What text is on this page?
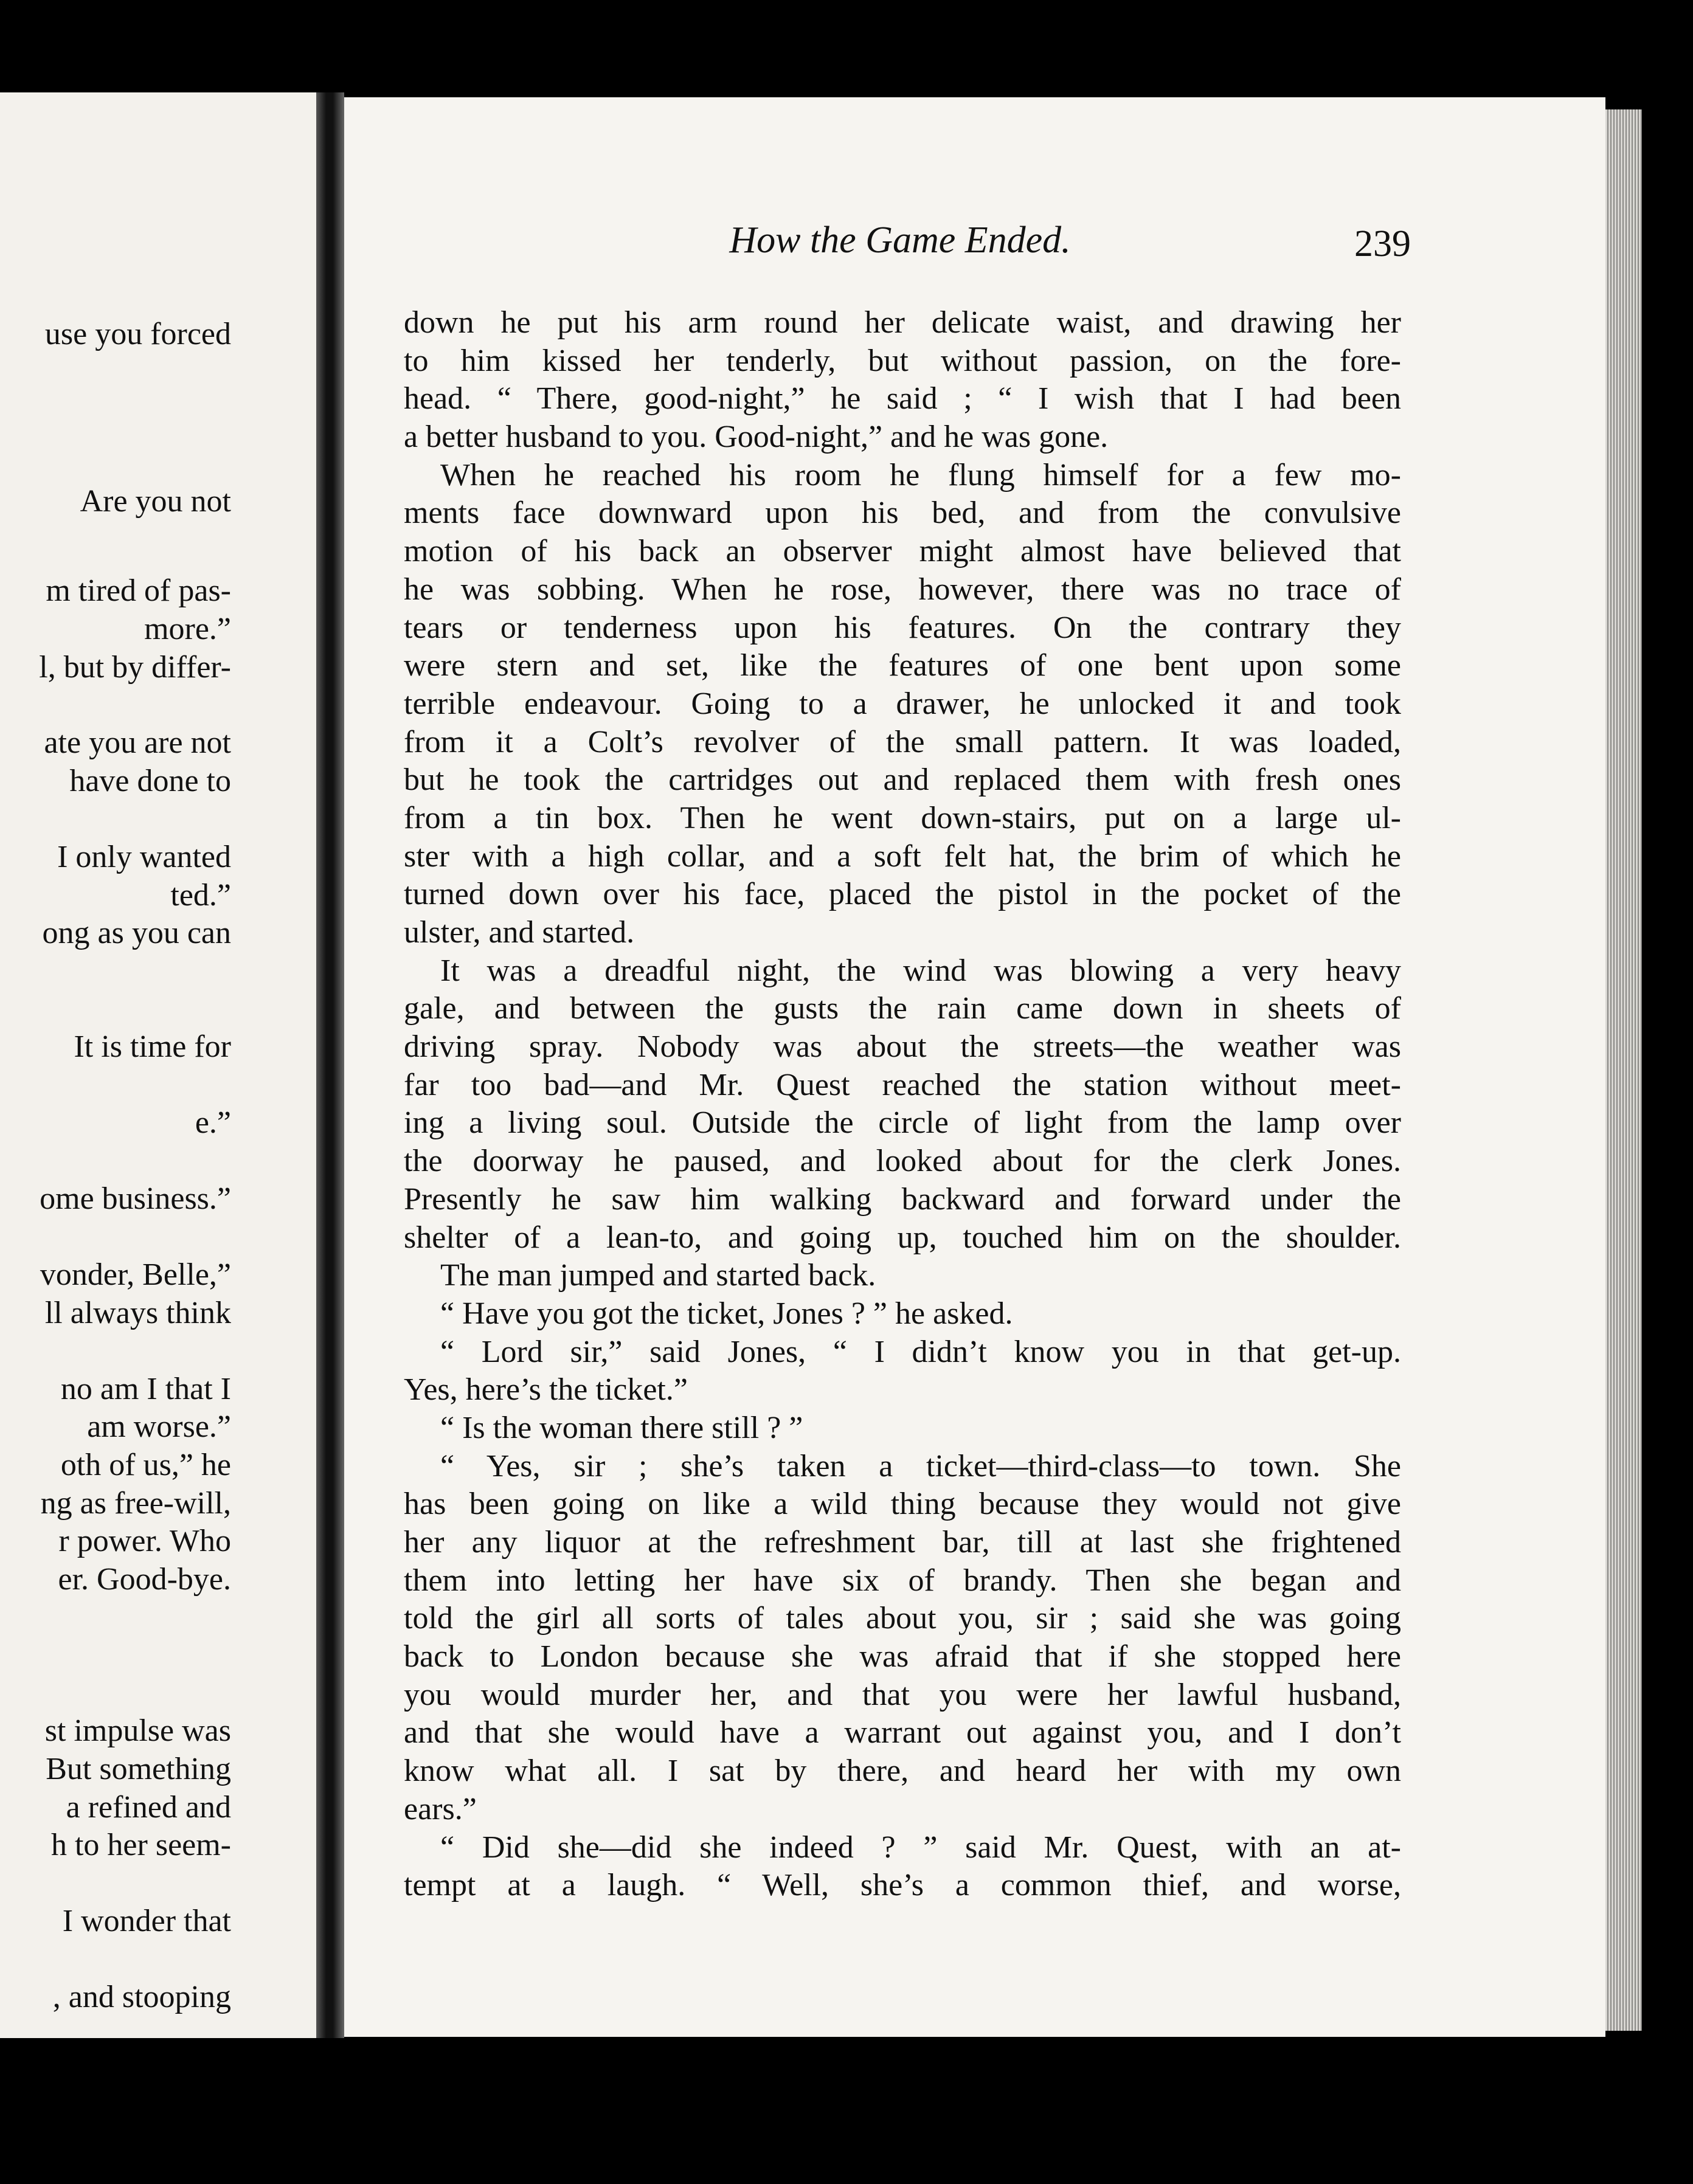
use you forced
Are you not
m tired of pas-
more.”
l, but by differ-
ate you are not
have done to
I only wanted
ted.”
ong as you can
It is time for
e.”
ome business.”
vonder, Belle,”
ll always think
no am I that I
am worse.”
oth of us,” he
ng as free-will,
r power. Who
er. Good-bye.
st impulse was
But something
a refined and
h to her seem-
I wonder that
, and stooping
How the Game Ended.	239
down he put his arm round her delicate waist, and drawing her
to him kissed her tenderly, but without passion, on the fore-
head. “ There, good-night,” he said ; “ I wish that I had been
a better husband to you. Good-night,” and he was gone.
When he reached his room he flung himself for a few mo-
ments face downward upon his bed, and from the convulsive
motion of his back an observer might almost have believed that
he was sobbing. When he rose, however, there was no trace of
tears or tenderness upon his features. On the contrary they
were stern and set, like the features of one bent upon some
terrible endeavour. Going to a drawer, he unlocked it and took
from it a Colt’s revolver of the small pattern. It was loaded,
but he took the cartridges out and replaced them with fresh ones
from a tin box. Then he went down-stairs, put on a large ul-
ster with a high collar, and a soft felt hat, the brim of which he
turned down over his face, placed the pistol in the pocket of the
ulster, and started.
It was a dreadful night, the wind was blowing a very heavy
gale, and between the gusts the rain came down in sheets of
driving spray. Nobody was about the streets—the weather was
far too bad—and Mr. Quest reached the station without meet-
ing a living soul. Outside the circle of light from the lamp over
the doorway he paused, and looked about for the clerk Jones.
Presently he saw him walking backward and forward under the
shelter of a lean-to, and going up, touched him on the shoulder.
The man jumped and started back.
“ Have you got the ticket, Jones ? ” he asked.
“ Lord sir,” said Jones, “ I didn’t know you in that get-up.
Yes, here’s the ticket.”
“ Is the woman there still ? ”
“ Yes, sir ; she’s taken a ticket—third-class—to town. She
has been going on like a wild thing because they would not give
her any liquor at the refreshment bar, till at last she frightened
them into letting her have six of brandy. Then she began and
told the girl all sorts of tales about you, sir ; said she was going
back to London because she was afraid that if she stopped here
you would murder her, and that you were her lawful husband,
and that she would have a warrant out against you, and I don’t
know what all. I sat by there, and heard her with my own
ears.”
“ Did she—did she indeed ? ” said Mr. Quest, with an at-
tempt at a laugh. “ Well, she’s a common thief, and worse,
